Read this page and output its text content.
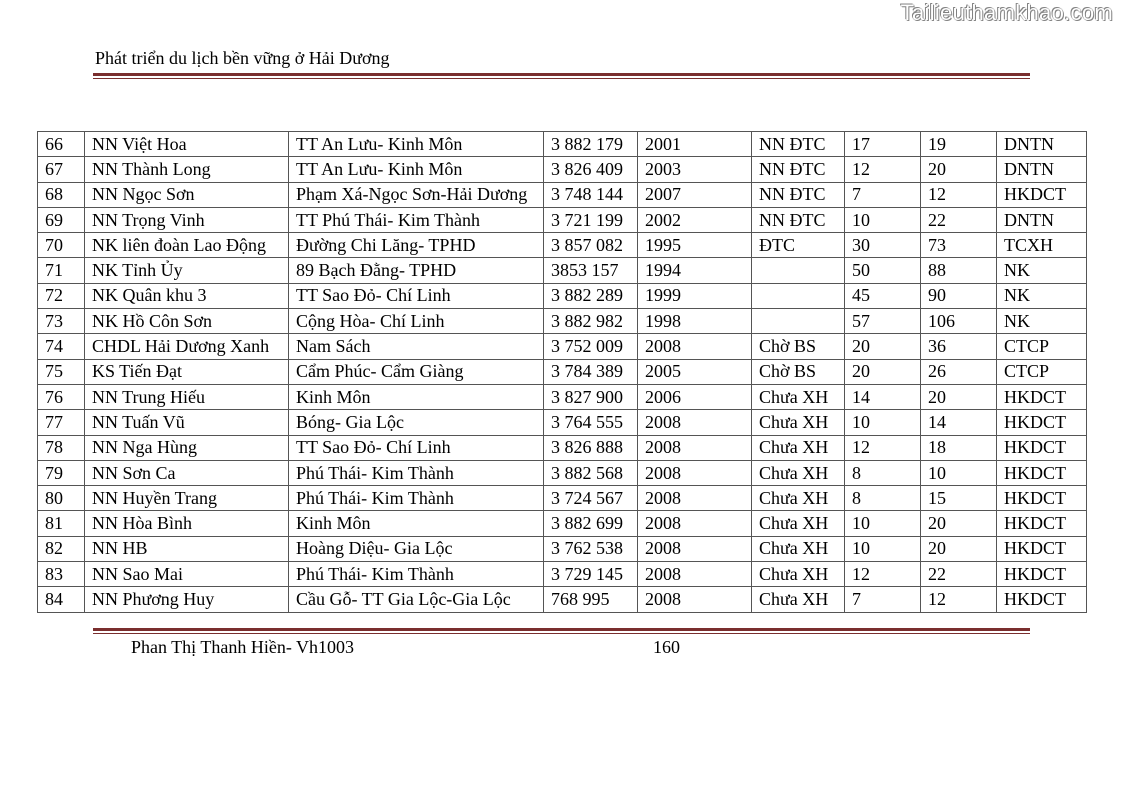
Tailieuthamkhao.com
Phát triển du lịch bền vững ở Hải Dương
66	NN Việt Hoa	TT An Lưu- Kinh Môn	3 882 179	2001	NN ĐTC	17	19	DNTN
67	NN Thành Long	TT An Lưu- Kinh Môn	3 826 409	2003	NN ĐTC	12	20	DNTN
68	NN Ngọc Sơn	Phạm Xá-Ngọc Sơn-Hải Dương	3 748 144	2007	NN ĐTC	7	12	HKDCT
69	NN Trọng Vinh	TT Phú Thái- Kim Thành	3 721 199	2002	NN ĐTC	10	22	DNTN
70	NK liên đoàn Lao Động	Đường Chi Lăng- TPHD	3 857 082	1995	ĐTC	30	73	TCXH
71	NK Tỉnh Ủy	89 Bạch Đằng- TPHD	3853 157	1994		50	88	NK
72	NK Quân khu 3	TT Sao Đỏ- Chí Linh	3 882 289	1999		45	90	NK
73	NK Hồ Côn Sơn	Cộng Hòa- Chí Linh	3 882 982	1998		57	106	NK
74	CHDL Hải Dương Xanh	Nam Sách	3 752 009	2008	Chờ BS	20	36	CTCP
75	KS Tiến Đạt	Cẩm Phúc- Cẩm Giàng	3 784 389	2005	Chờ BS	20	26	CTCP
76	NN Trung Hiếu	Kinh Môn	3 827 900	2006	Chưa XH	14	20	HKDCT
77	NN Tuấn Vũ	Bóng- Gia Lộc	3 764 555	2008	Chưa XH	10	14	HKDCT
78	NN Nga Hùng	TT Sao Đỏ- Chí Linh	3 826 888	2008	Chưa XH	12	18	HKDCT
79	NN Sơn Ca	Phú Thái- Kim Thành	3 882 568	2008	Chưa XH	8	10	HKDCT
80	NN Huyền Trang	Phú Thái- Kim Thành	3 724 567	2008	Chưa XH	8	15	HKDCT
81	NN Hòa Bình	Kinh Môn	3 882 699	2008	Chưa XH	10	20	HKDCT
82	NN HB	Hoàng Diệu- Gia Lộc	3 762 538	2008	Chưa XH	10	20	HKDCT
83	NN Sao Mai	Phú Thái- Kim Thành	3 729 145	2008	Chưa XH	12	22	HKDCT
84	NN Phương Huy	Cầu Gỗ- TT Gia Lộc-Gia Lộc	768 995	2008	Chưa XH	7	12	HKDCT
Phan Thị Thanh Hiền- Vh1003	160
